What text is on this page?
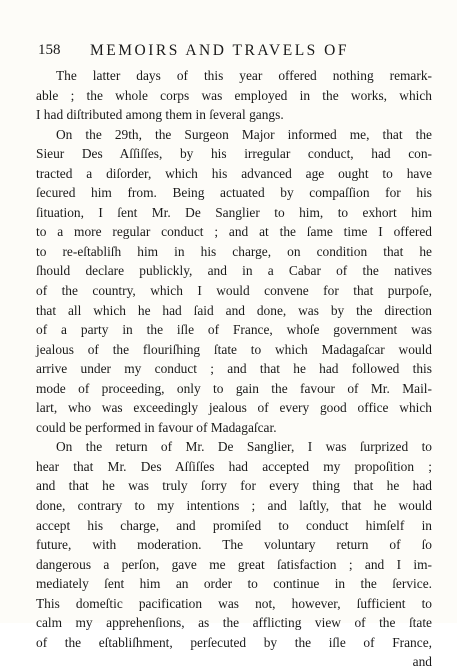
158 MEMOIRS AND TRAVELS OF
The latter days of this year offered nothing remark-
able ; the whole corps was employed in the works, which
I had diſtributed among them in ſeveral gangs.
On the 29th, the Surgeon Major informed me, that the
Sieur Des Aſſiſſes, by his irregular conduct, had con-
tracted a diſorder, which his advanced age ought to have
ſecured him from. Being actuated by compaſſion for his
ſituation, I ſent Mr. De Sanglier to him, to exhort him
to a more regular conduct ; and at the ſame time I offered
to re-eſtabliſh him in his charge, on condition that he
ſhould declare publickly, and in a Cabar of the natives
of the country, which I would convene for that purpoſe,
that all which he had ſaid and done, was by the direction
of a party in the iſle of France, whoſe government was
jealous of the flouriſhing ſtate to which Madagaſcar would
arrive under my conduct ; and that he had followed this
mode of proceeding, only to gain the favour of Mr. Mail-
lart, who was exceedingly jealous of every good office which
could be performed in favour of Madagaſcar.
On the return of Mr. De Sanglier, I was ſurprized to
hear that Mr. Des Aſſiſſes had accepted my propoſition ;
and that he was truly ſorry for every thing that he had
done, contrary to my intentions ; and laſtly, that he would
accept his charge, and promiſed to conduct himſelf in
future, with moderation. The voluntary return of ſo
dangerous a perſon, gave me great ſatisfaction ; and I im-
mediately ſent him an order to continue in the ſervice.
This domeſtic pacification was not, however, ſufficient to
calm my apprehenſions, as the afflicting view of the ſtate
of the eſtabliſhment, perſecuted by the iſle of France,
and
